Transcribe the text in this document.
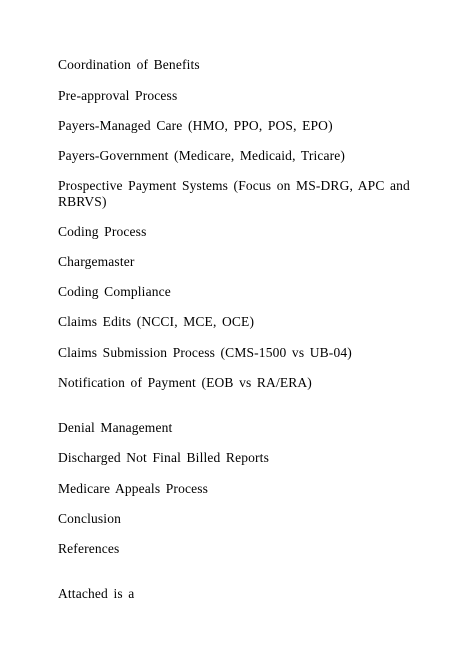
Coordination of Benefits
Pre-approval Process
Payers-Managed Care (HMO, PPO, POS, EPO)
Payers-Government (Medicare, Medicaid, Tricare)
Prospective Payment Systems (Focus on MS-DRG, APC and RBRVS)
Coding Process
Chargemaster
Coding Compliance
Claims Edits (NCCI, MCE, OCE)
Claims Submission Process (CMS-1500 vs UB-04)
Notification of Payment (EOB vs RA/ERA)
Denial Management
Discharged Not Final Billed Reports
Medicare Appeals Process
Conclusion
References
Attached is a
